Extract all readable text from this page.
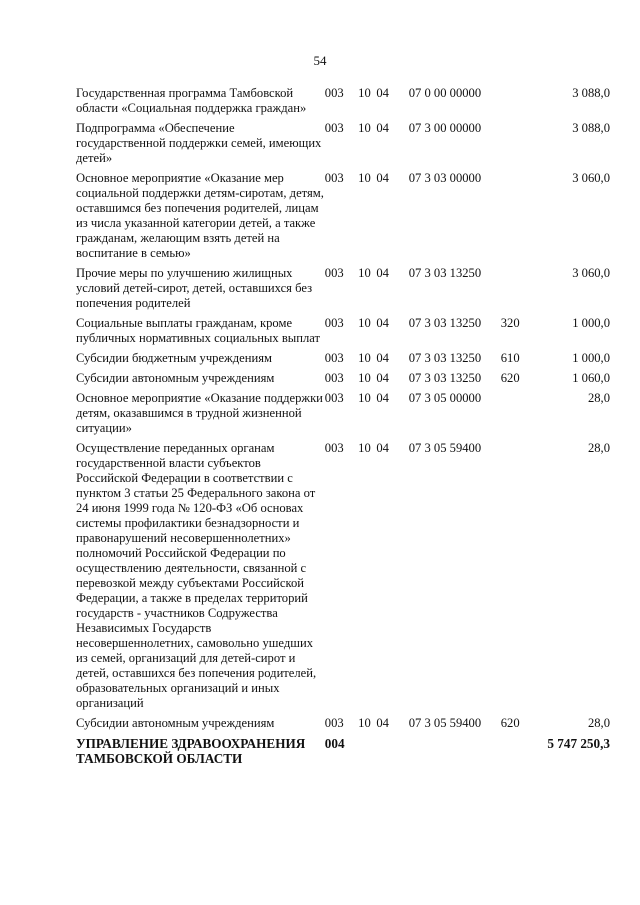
54
Государственная программа Тамбовской области «Социальная поддержка граждан»	003	10	04	07 0 00 00000		3 088,0
Подпрограмма «Обеспечение государственной поддержки семей, имеющих детей»	003	10	04	07 3 00 00000		3 088,0
Основное мероприятие «Оказание мер социальной поддержки детям-сиротам, детям, оставшимся без попечения родителей, лицам из числа указанной категории детей, а также гражданам, желающим взять детей на воспитание в семью»	003	10	04	07 3 03 00000		3 060,0
Прочие меры по улучшению жилищных условий детей-сирот, детей, оставшихся без попечения родителей	003	10	04	07 3 03 13250		3 060,0
Социальные выплаты гражданам, кроме публичных нормативных социальных выплат	003	10	04	07 3 03 13250	320	1 000,0
Субсидии бюджетным учреждениям	003	10	04	07 3 03 13250	610	1 000,0
Субсидии автономным учреждениям	003	10	04	07 3 03 13250	620	1 060,0
Основное мероприятие «Оказание поддержки детям, оказавшимся в трудной жизненной ситуации»	003	10	04	07 3 05 00000		28,0
Осуществление переданных органам государственной власти субъектов Российской Федерации в соответствии с пунктом 3 статьи 25 Федерального закона от 24 июня 1999 года № 120-ФЗ «Об основах системы профилактики безнадзорности и правонарушений несовершеннолетних» полномочий Российской Федерации по осуществлению деятельности, связанной с перевозкой между субъектами Российской Федерации, а также в пределах территорий государств - участников Содружества Независимых Государств несовершеннолетних, самовольно ушедших из семей, организаций для детей-сирот и детей, оставшихся без попечения родителей, образовательных организаций и иных организаций	003	10	04	07 3 05 59400		28,0
Субсидии автономным учреждениям	003	10	04	07 3 05 59400	620	28,0
УПРАВЛЕНИЕ ЗДРАВООХРАНЕНИЯ ТАМБОВСКОЙ ОБЛАСТИ	004					5 747 250,3
